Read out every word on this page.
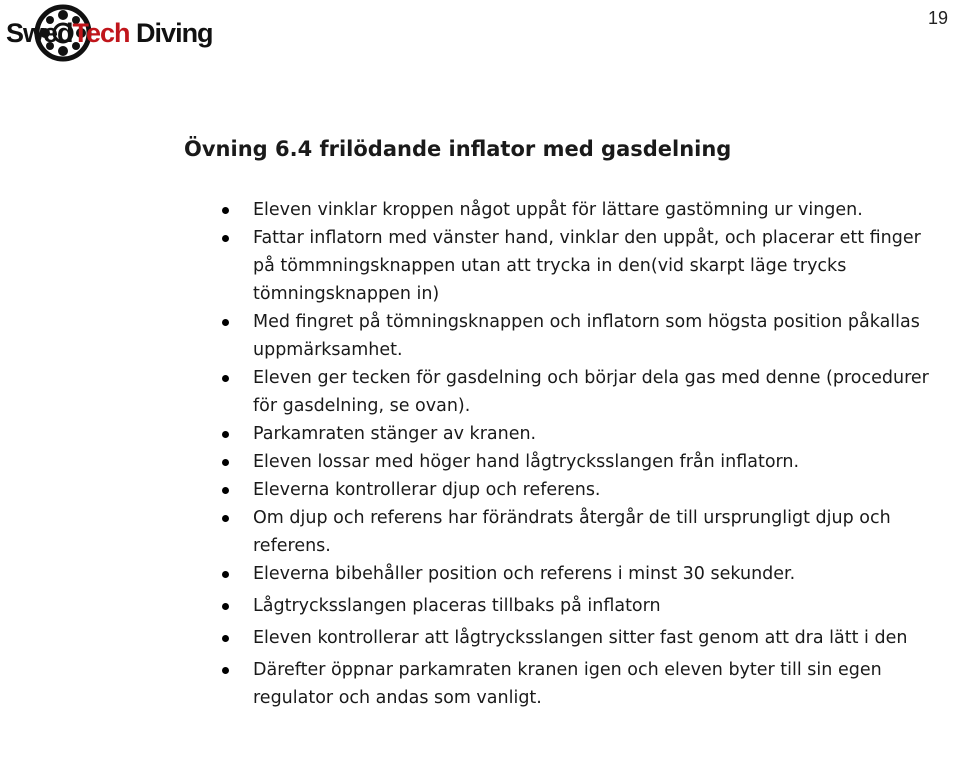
SwedTech Diving	19
Övning 6.4 frilödande inflator med gasdelning
Eleven vinklar kroppen något uppåt för lättare gastömning ur vingen.
Fattar inflatorn med vänster hand, vinklar den uppåt, och placerar ett finger på tömmningsknappen utan att trycka in den(vid skarpt läge trycks tömningsknappen in)
Med fingret på tömningsknappen och inflatorn som högsta position påkallas uppmärksamhet.
Eleven ger tecken för gasdelning och börjar dela gas med denne (procedurer för gasdelning, se ovan).
Parkamraten stänger av kranen.
Eleven lossar med höger hand lågtrycksslangen från inflatorn.
Eleverna kontrollerar djup och referens.
Om djup och referens har förändrats återgår de till ursprungligt djup och referens.
Eleverna bibehåller position och referens i minst 30 sekunder.
Lågtrycksslangen placeras tillbaks på inflatorn
Eleven kontrollerar att lågtrycksslangen sitter fast genom att dra lätt i den
Därefter öppnar parkamraten kranen igen och eleven byter till sin egen regulator och andas som vanligt.
